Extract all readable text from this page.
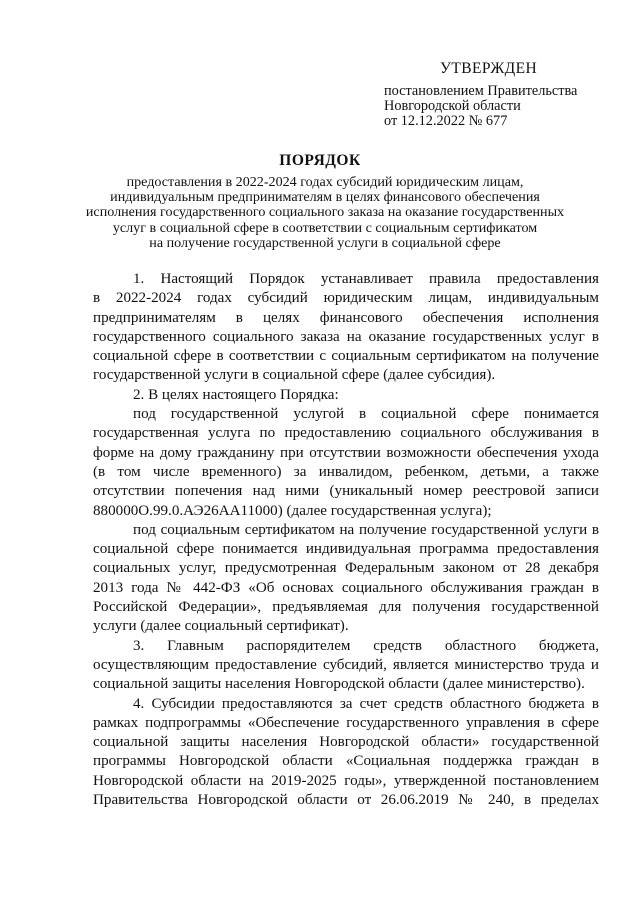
УТВЕРЖДЕН
постановлением Правительства
Новгородской области
от 12.12.2022 № 677
ПОРЯДОК
предоставления в 2022-2024 годах субсидий юридическим лицам,
индивидуальным предпринимателям в целях финансового обеспечения
исполнения государственного социального заказа на оказание государственных
услуг в социальной сфере в соответствии с социальным сертификатом
на получение государственной услуги в социальной сфере
1. Настоящий Порядок устанавливает правила предоставления
в 2022-2024 годах субсидий юридическим лицам, индивидуальным
предпринимателям в целях финансового обеспечения исполнения
государственного социального заказа на оказание государственных услуг в
социальной сфере в соответствии с социальным сертификатом на получение
государственной услуги в социальной сфере (далее субсидия).
2. В целях настоящего Порядка:
под государственной услугой в социальной сфере понимается
государственная услуга по предоставлению социального обслуживания в
форме на дому гражданину при отсутствии возможности обеспечения ухода
(в том числе временного) за инвалидом, ребенком, детьми, а также
отсутствии попечения над ними (уникальный номер реестровой записи
880000О.99.0.АЭ26АА11000) (далее государственная услуга);
под социальным сертификатом на получение государственной услуги в
социальной сфере понимается индивидуальная программа предоставления
социальных услуг, предусмотренная Федеральным законом от 28 декабря
2013 года № 442-ФЗ «Об основах социального обслуживания граждан в
Российской Федерации», предъявляемая для получения государственной
услуги (далее социальный сертификат).
3. Главным распорядителем средств областного бюджета,
осуществляющим предоставление субсидий, является министерство труда и
социальной защиты населения Новгородской области (далее министерство).
4. Субсидии предоставляются за счет средств областного бюджета в
рамках подпрограммы «Обеспечение государственного управления в сфере
социальной защиты населения Новгородской области» государственной
программы Новгородской области «Социальная поддержка граждан в
Новгородской области на 2019-2025 годы», утвержденной постановлением
Правительства Новгородской области от 26.06.2019 № 240, в пределах
